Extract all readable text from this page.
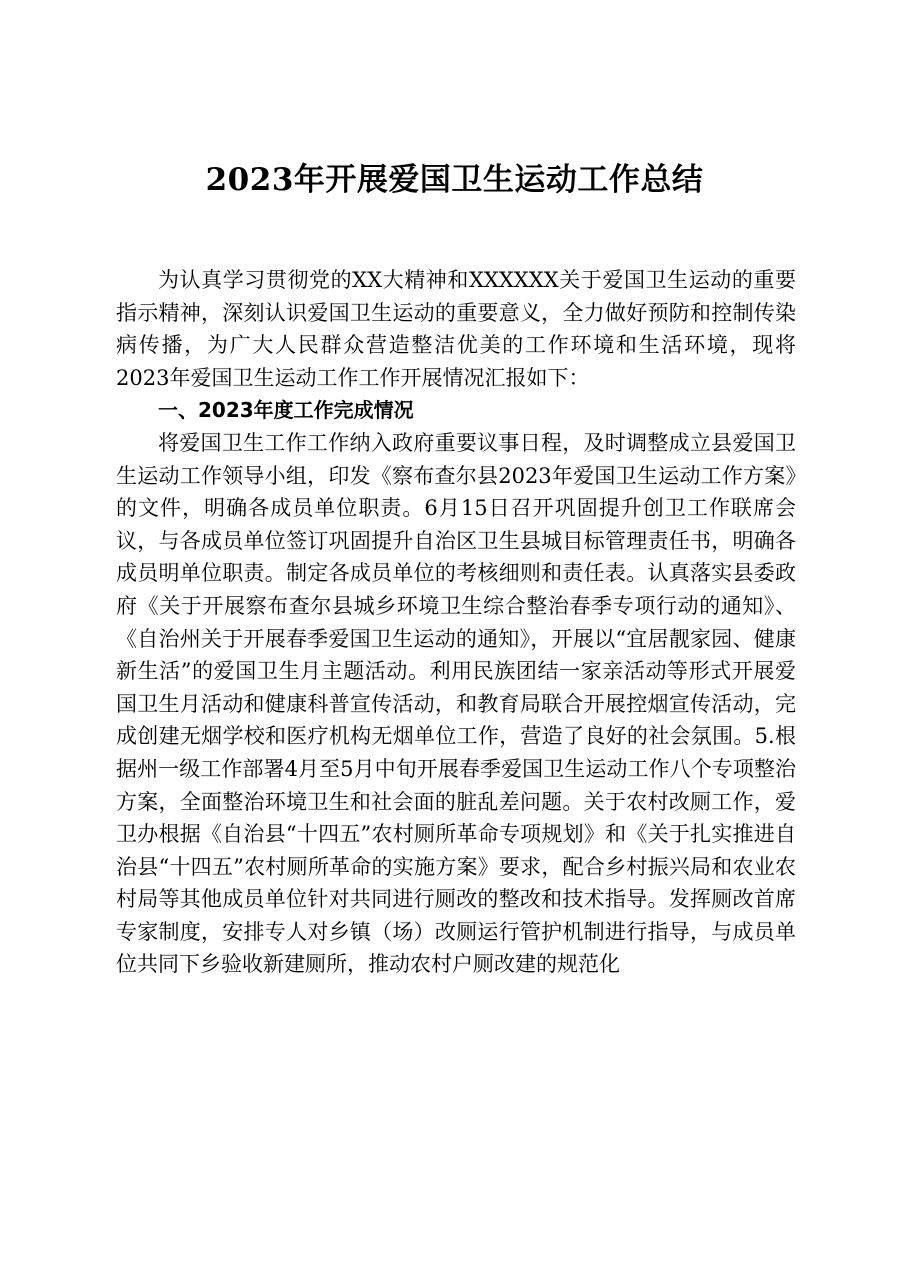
2023年开展爱国卫生运动工作总结

为认真学习贯彻党的XX大精神和XXXXXX关于爱国卫生运动的重要指示精神，深刻认识爱国卫生运动的重要意义，全力做好预防和控制传染病传播，为广大人民群众营造整洁优美的工作环境和生活环境，现将2023年爱国卫生运动工作工作开展情况汇报如下：

一、2023年度工作完成情况

将爱国卫生工作工作纳入政府重要议事日程，及时调整成立县爱国卫生运动工作领导小组，印发《察布查尔县2023年爱国卫生运动工作方案》的文件，明确各成员单位职责。6月15日召开巩固提升创卫工作联席会议，与各成员单位签订巩固提升自治区卫生县城目标管理责任书，明确各成员明单位职责。制定各成员单位的考核细则和责任表。认真落实县委政府《关于开展察布查尔县城乡环境卫生综合整治春季专项行动的通知》、《自治州关于开展春季爱国卫生运动的通知》，开展以“宜居靓家园、健康新生活”的爱国卫生月主题活动。利用民族团结一家亲活动等形式开展爱国卫生月活动和健康科普宣传活动，和教育局联合开展控烟宣传活动，完成创建无烟学校和医疗机构无烟单位工作，营造了良好的社会氛围。5.根据州一级工作部署4月至5月中旬开展春季爱国卫生运动工作八个专项整治方案，全面整治环境卫生和社会面的脏乱差问题。关于农村改厕工作，爱卫办根据《自治县“十四五”农村厕所革命专项规划》和《关于扎实推进自治县“十四五”农村厕所革命的实施方案》要求，配合乡村振兴局和农业农村局等其他成员单位针对共同进行厕改的整改和技术指导。发挥厕改首席专家制度，安排专人对乡镇（场）改厕运行管护机制进行指导，与成员单位共同下乡验收新建厕所，推动农村户厕改建的规范化
